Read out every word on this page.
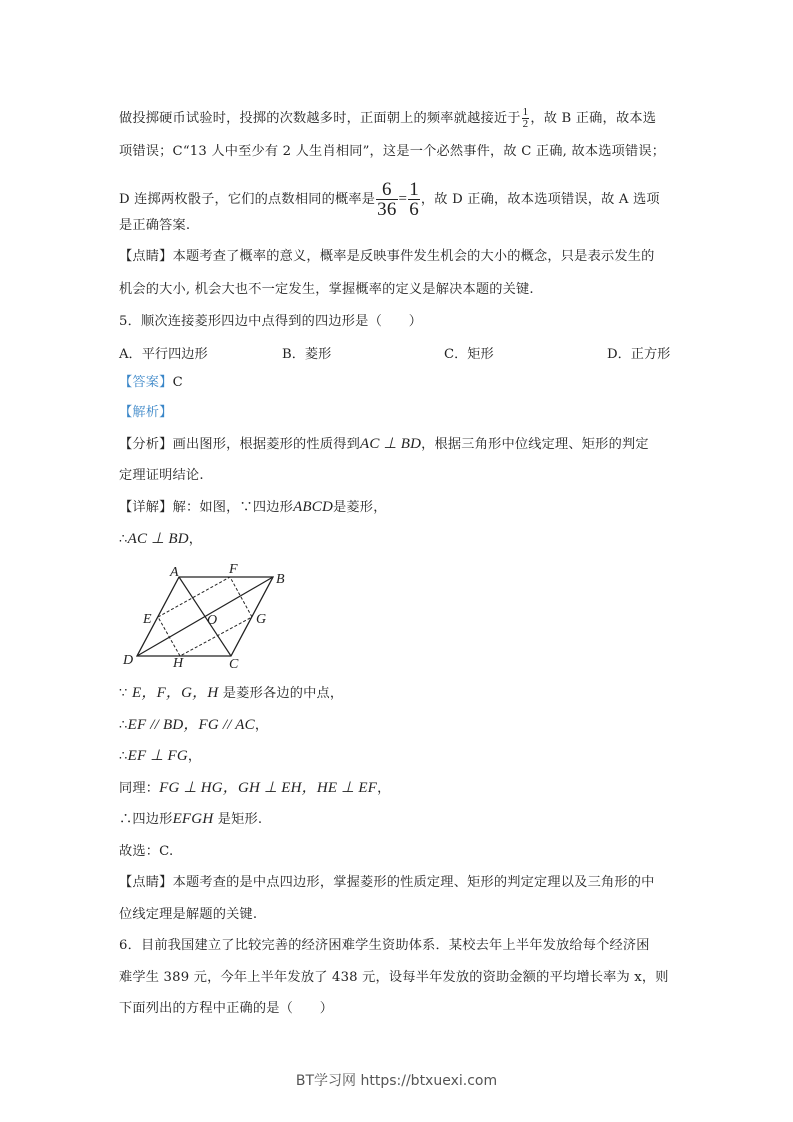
做投掷硬币试验时，投掷的次数越多时，正面朝上的频率就越接近于 $\frac{1}{2}$ ，故 B 正确，故本选
项错误；C“13 人中至少有 2 人生肖相同”，这是一个必然事件，故 C 正确, 故本选项错误；
D 连掷两枚骰子，它们的点数相同的概率是 $\frac{6}{36} = \frac{1}{6}$ ，故 D 正确，故本选项错误，故 A 选项
是正确答案.
【点睛】本题考查了概率的意义，概率是反映事件发生机会的大小的概念，只是表示发生的
机会的大小, 机会大也不一定发生，掌握概率的定义是解决本题的关键.
5．顺次连接菱形四边中点得到的四边形是（　　）
A．平行四边形	B．菱形	C．矩形	D．正方形
【答案】C
【解析】
【分析】画出图形，根据菱形的性质得到AC ⊥ BD，根据三角形中位线定理、矩形的判定
定理证明结论.
【详解】解：如图，∵四边形ABCD是菱形，
∴AC ⊥ BD，
A	B
C
D
E
F
G
H
O
∵ E，F，G，H 是菱形各边的中点，
∴EF // BD，FG // AC，
∴EF ⊥ FG，
同理：FG ⊥ HG，GH ⊥ EH，HE ⊥ EF，
∴四边形EFGH 是矩形.
故选：C.
【点睛】本题考查的是中点四边形，掌握菱形的性质定理、矩形的判定定理以及三角形的中
位线定理是解题的关键.
6．目前我国建立了比较完善的经济困难学生资助体系．某校去年上半年发放给每个经济困
难学生 389 元，今年上半年发放了 438 元，设每半年发放的资助金额的平均增长率为 x，则
下面列出的方程中正确的是（　　）
BT学习网 https://btxuexi.com
